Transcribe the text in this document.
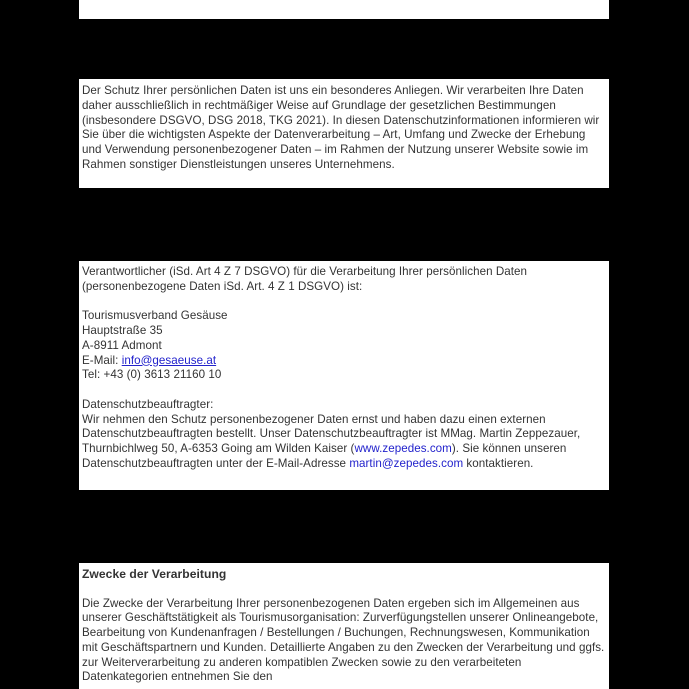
Der Schutz Ihrer persönlichen Daten ist uns ein besonderes Anliegen. Wir verarbeiten Ihre Daten daher ausschließlich in rechtmäßiger Weise auf Grundlage der gesetzlichen Bestimmungen (insbesondere DSGVO, DSG 2018, TKG 2021). In diesen Datenschutzinformationen informieren wir Sie über die wichtigsten Aspekte der Datenverarbeitung – Art, Umfang und Zwecke der Erhebung und Verwendung personenbezogener Daten – im Rahmen der Nutzung unserer Website sowie im Rahmen sonstiger Dienstleistungen unseres Unternehmens.

Verantwortlicher (iSd. Art 4 Z 7 DSGVO) für die Verarbeitung Ihrer persönlichen Daten (personenbezogene Daten iSd. Art. 4 Z 1 DSGVO) ist:

Tourismusverband Gesäuse

Hauptstraße 35

A-8911 Admont

E-Mail: info@gesaeuse.at

Tel: +43 (0) 3613 21160 10

Datenschutzbeauftragter:

Wir nehmen den Schutz personenbezogener Daten ernst und haben dazu einen externen Datenschutzbeauftragten bestellt. Unser Datenschutzbeauftragter ist MMag. Martin Zeppezauer, Thurnbichlweg 50, A-6353 Going am Wilden Kaiser (www.zepedes.com). Sie können unseren Datenschutzbeauftragten unter der E-Mail-Adresse martin@zepedes.com kontaktieren.

Zwecke der Verarbeitung

Die Zwecke der Verarbeitung Ihrer personenbezogenen Daten ergeben sich im Allgemeinen aus unserer Geschäftstätigkeit als Tourismusorganisation: Zurverfügungstellen unserer Onlineangebote, Bearbeitung von Kundenanfragen / Bestellungen / Buchungen, Rechnungswesen, Kommunikation mit Geschäftspartnern und Kunden. Detaillierte Angaben zu den Zwecken der Verarbeitung und ggfs. zur Weiterverarbeitung zu anderen kompatiblen Zwecken sowie zu den verarbeiteten Datenkategorien entnehmen Sie den
